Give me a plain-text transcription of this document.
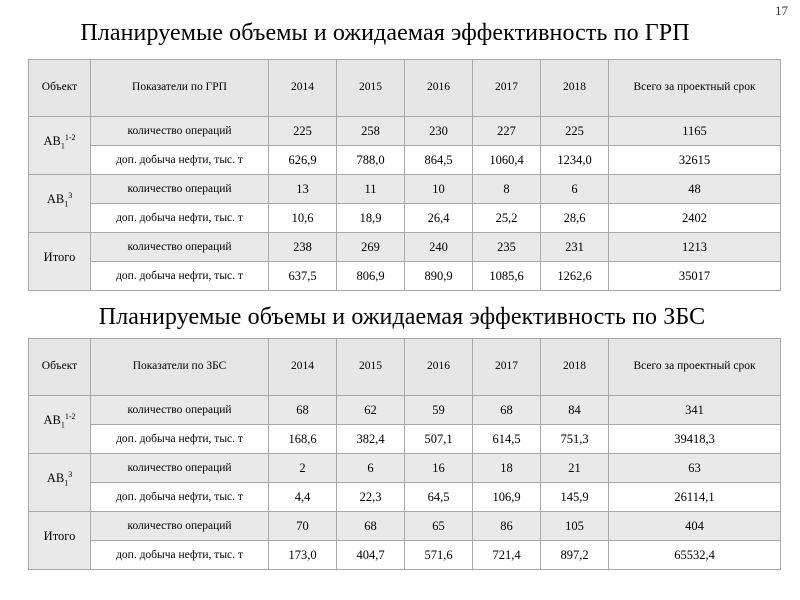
17
Планируемые объемы и ожидаемая эффективность по ГРП
Объект	Показатели по ГРП	2014	2015	2016	2017	2018	Всего за проектный срок
$АВ_1^{1-2}$	количество операций	225	258	230	227	225	1165
	доп. добыча нефти, тыс. т	626,9	788,0	864,5	1060,4	1234,0	32615
$АВ_1^3$	количество операций	13	11	10	8	6	48
	доп. добыча нефти, тыс. т	10,6	18,9	26,4	25,2	28,6	2402
Итого	количество операций	238	269	240	235	231	1213
	доп. добыча нефти, тыс. т	637,5	806,9	890,9	1085,6	1262,6	35017
Планируемые объемы и ожидаемая эффективность по ЗБС
Объект	Показатели по ЗБС	2014	2015	2016	2017	2018	Всего за проектный срок
$АВ_1^{1-2}$	количество операций	68	62	59	68	84	341
	доп. добыча нефти, тыс. т	168,6	382,4	507,1	614,5	751,3	39418,3
$АВ_1^3$	количество операций	2	6	16	18	21	63
	доп. добыча нефти, тыс. т	4,4	22,3	64,5	106,9	145,9	26114,1
Итого	количество операций	70	68	65	86	105	404
	доп. добыча нефти, тыс. т	173,0	404,7	571,6	721,4	897,2	65532,4
